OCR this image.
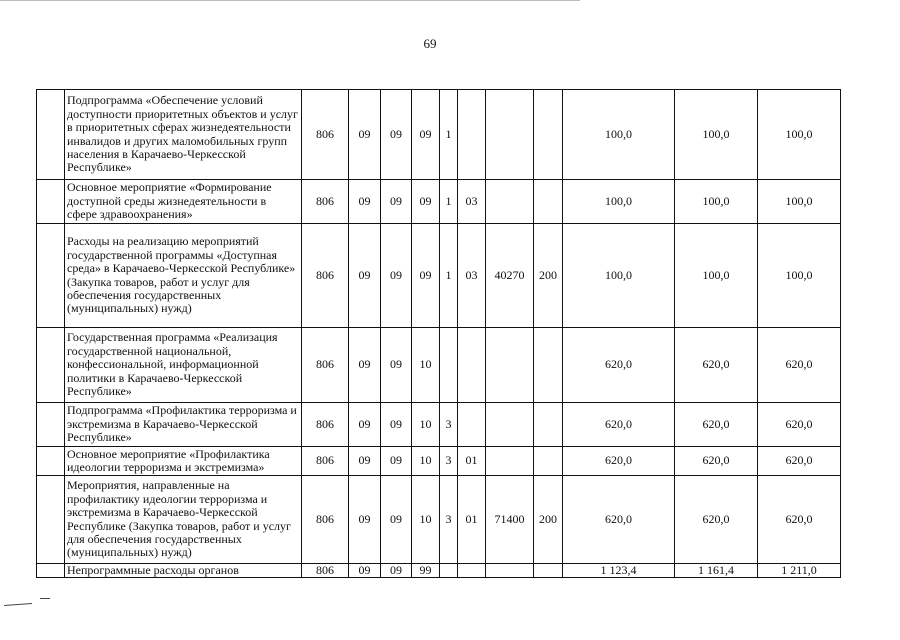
69
	Подпрограмма «Обеспечение условий доступности приоритетных объектов и услуг в приоритетных сферах жизнедеятельности инвалидов и других маломобильных групп населения в Карачаево-Черкесской Республике»	806	09	09	09	1				100,0	100,0	100,0
	Основное мероприятие «Формирование доступной среды жизнедеятельности в сфере здравоохранения»	806	09	09	09	1	03			100,0	100,0	100,0
	Расходы на реализацию мероприятий государственной программы «Доступная среда» в Карачаево-Черкесской Республике» (Закупка товаров, работ и услуг для обеспечения государственных (муниципальных) нужд)	806	09	09	09	1	03	40270	200	100,0	100,0	100,0
	Государственная программа «Реализация государственной национальной, конфессиональной, информационной политики в Карачаево-Черкесской Республике»	806	09	09	10					620,0	620,0	620,0
	Подпрограмма «Профилактика терроризма и экстремизма в Карачаево-Черкесской Республике»	806	09	09	10	3				620,0	620,0	620,0
	Основное мероприятие «Профилактика идеологии терроризма и экстремизма»	806	09	09	10	3	01			620,0	620,0	620,0
	Мероприятия, направленные на профилактику идеологии терроризма и экстремизма в Карачаево-Черкесской Республике (Закупка товаров, работ и услуг для обеспечения государственных (муниципальных) нужд)	806	09	09	10	3	01	71400	200	620,0	620,0	620,0
	Непрограммные расходы органов	806	09	09	99					1 123,4	1 161,4	1 211,0
